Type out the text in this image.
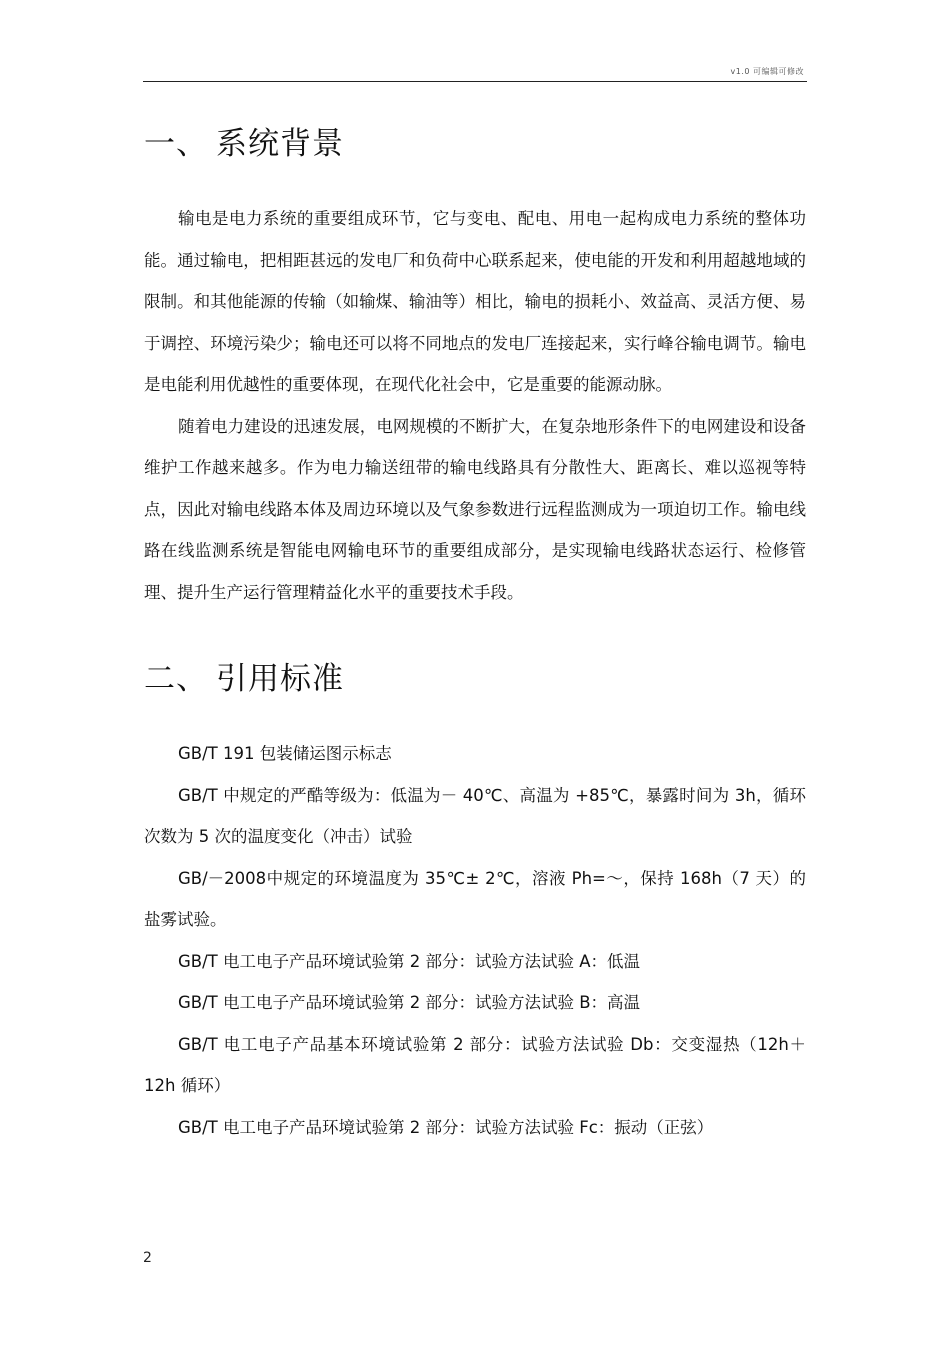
v1.0 可编辑可修改
一、 系统背景

输电是电力系统的重要组成环节，它与变电、配电、用电一起构成电力系统的整体功能。通过输电，把相距甚远的发电厂和负荷中心联系起来，使电能的开发和利用超越地域的限制。和其他能源的传输（如输煤、输油等）相比，输电的损耗小、效益高、灵活方便、易于调控、环境污染少；输电还可以将不同地点的发电厂连接起来，实行峰谷输电调节。输电是电能利用优越性的重要体现，在现代化社会中，它是重要的能源动脉。

随着电力建设的迅速发展，电网规模的不断扩大，在复杂地形条件下的电网建设和设备维护工作越来越多。作为电力输送纽带的输电线路具有分散性大、距离长、难以巡视等特点，因此对输电线路本体及周边环境以及气象参数进行远程监测成为一项迫切工作。输电线路在线监测系统是智能电网输电环节的重要组成部分，是实现输电线路状态运行、检修管理、提升生产运行管理精益化水平的重要技术手段。

二、 引用标准

GB/T 191 包装储运图示标志

GB/T 中规定的严酷等级为：低温为－ 40℃、高温为 +85℃，暴露时间为 3h，循环次数为 5 次的温度变化（冲击）试验

GB/－2008中规定的环境温度为 35℃± 2℃，溶液 Ph=～，保持 168h（7 天）的盐雾试验。

GB/T 电工电子产品环境试验第 2 部分：试验方法试验 A：低温

GB/T 电工电子产品环境试验第 2 部分：试验方法试验 B：高温

GB/T 电工电子产品基本环境试验第 2 部分：试验方法试验 Db：交变湿热（12h＋12h 循环）

GB/T 电工电子产品环境试验第 2 部分：试验方法试验 Fc：振动（正弦）

2
